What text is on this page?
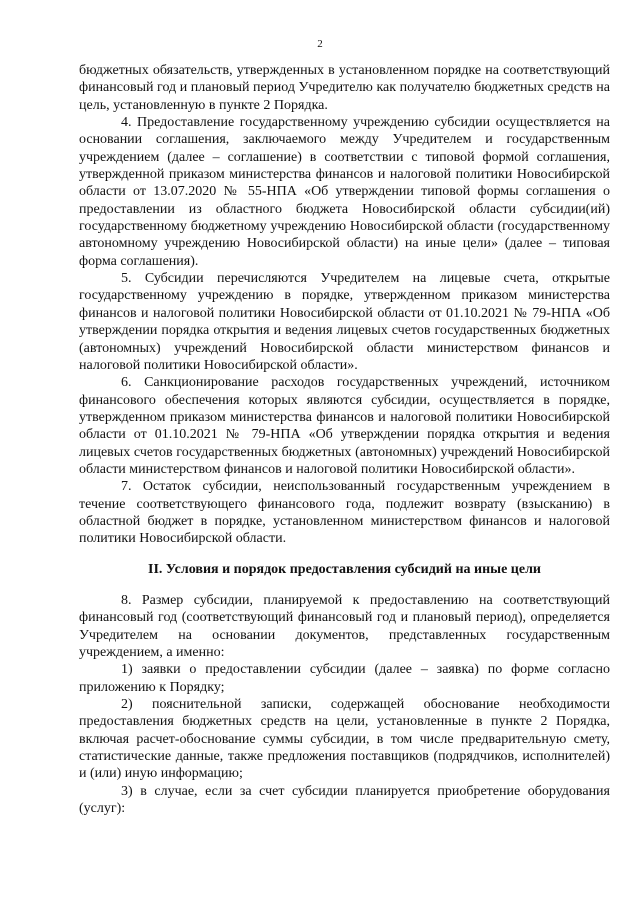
2

бюджетных обязательств, утвержденных в установленном порядке на соответствующий финансовый год и плановый период Учредителю как получателю бюджетных средств на цель, установленную в пункте 2 Порядка.

4. Предоставление государственному учреждению субсидии осуществляется на основании соглашения, заключаемого между Учредителем и государственным учреждением (далее – соглашение) в соответствии с типовой формой соглашения, утвержденной приказом министерства финансов и налоговой политики Новосибирской области от 13.07.2020 № 55-НПА «Об утверждении типовой формы соглашения о предоставлении из областного бюджета Новосибирской области субсидии(ий) государственному бюджетному учреждению Новосибирской области (государственному автономному учреждению Новосибирской области) на иные цели» (далее – типовая форма соглашения).

5. Субсидии перечисляются Учредителем на лицевые счета, открытые государственному учреждению в порядке, утвержденном приказом министерства финансов и налоговой политики Новосибирской области от 01.10.2021 № 79-НПА «Об утверждении порядка открытия и ведения лицевых счетов государственных бюджетных (автономных) учреждений Новосибирской области министерством финансов и налоговой политики Новосибирской области».

6. Санкционирование расходов государственных учреждений, источником финансового обеспечения которых являются субсидии, осуществляется в порядке, утвержденном приказом министерства финансов и налоговой политики Новосибирской области от 01.10.2021 № 79-НПА «Об утверждении порядка открытия и ведения лицевых счетов государственных бюджетных (автономных) учреждений Новосибирской области министерством финансов и налоговой политики Новосибирской области».

7. Остаток субсидии, неиспользованный государственным учреждением в течение соответствующего финансового года, подлежит возврату (взысканию) в областной бюджет в порядке, установленном министерством финансов и налоговой политики Новосибирской области.

II. Условия и порядок предоставления субсидий на иные цели

8. Размер субсидии, планируемой к предоставлению на соответствующий финансовый год (соответствующий финансовый год и плановый период), определяется Учредителем на основании документов, представленных государственным учреждением, а именно:

1) заявки о предоставлении субсидии (далее – заявка) по форме согласно приложению к Порядку;

2) пояснительной записки, содержащей обоснование необходимости предоставления бюджетных средств на цели, установленные в пункте 2 Порядка, включая расчет-обоснование суммы субсидии, в том числе предварительную смету, статистические данные, также предложения поставщиков (подрядчиков, исполнителей) и (или) иную информацию;

3) в случае, если за счет субсидии планируется приобретение оборудования (услуг):
